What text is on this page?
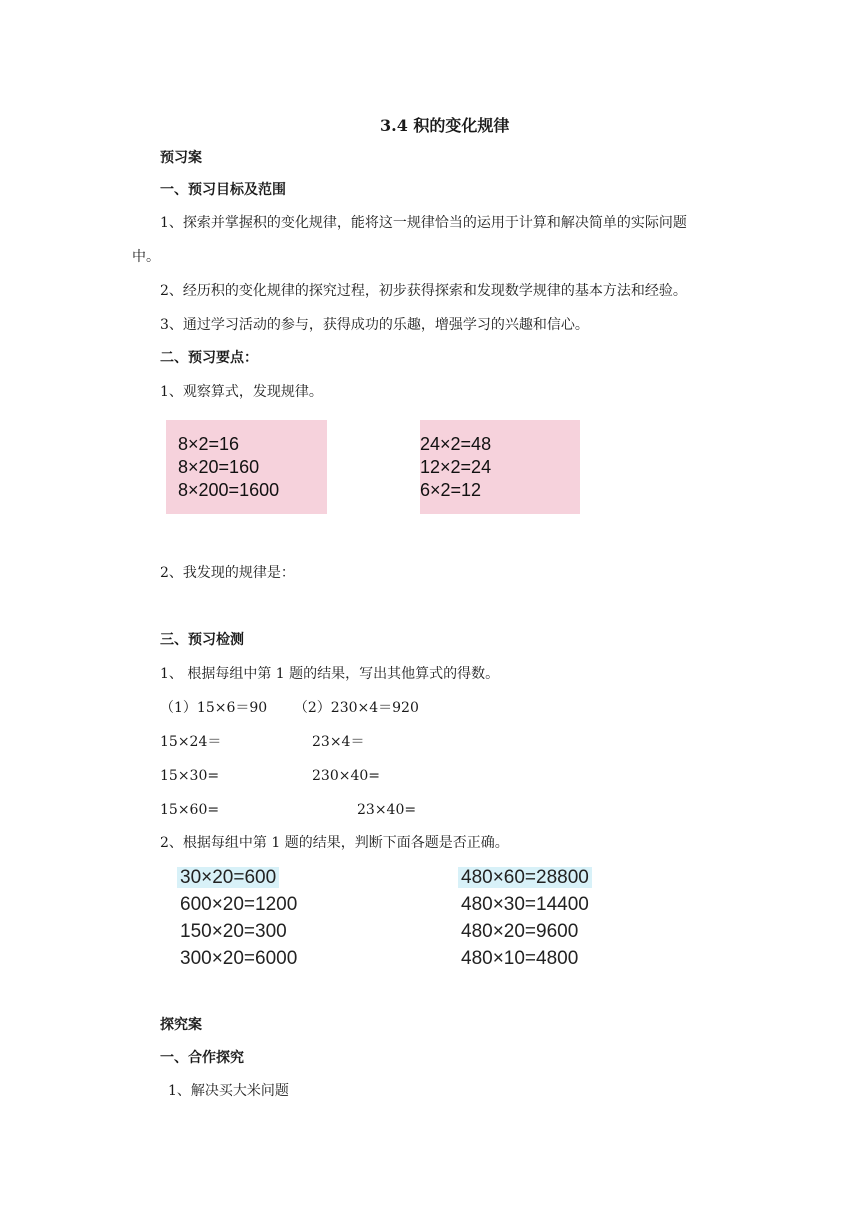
3.4 积的变化规律
预习案
一、预习目标及范围
1、探索并掌握积的变化规律，能将这一规律恰当的运用于计算和解决简单的实际问题
中。
2、经历积的变化规律的探究过程，初步获得探索和发现数学规律的基本方法和经验。
3、通过学习活动的参与，获得成功的乐趣，增强学习的兴趣和信心。
二、预习要点：
1、观察算式，发现规律。
8×2=16
8×20=160
8×200=1600
24×2=48
12×2=24
6×2=12
2、我发现的规律是：
三、预习检测
1、 根据每组中第 1 题的结果，写出其他算式的得数。
（1）15×6＝90      （2）230×4＝920
15×24＝	23×4＝
15×30=	230×40=
15×60=	23×40=
2、根据每组中第 1 题的结果，判断下面各题是否正确。
30×20=600
600×20=1200
150×20=300
300×20=6000
480×60=28800
480×30=14400
480×20=9600
480×10=4800
探究案
一、合作探究
1、解决买大米问题
